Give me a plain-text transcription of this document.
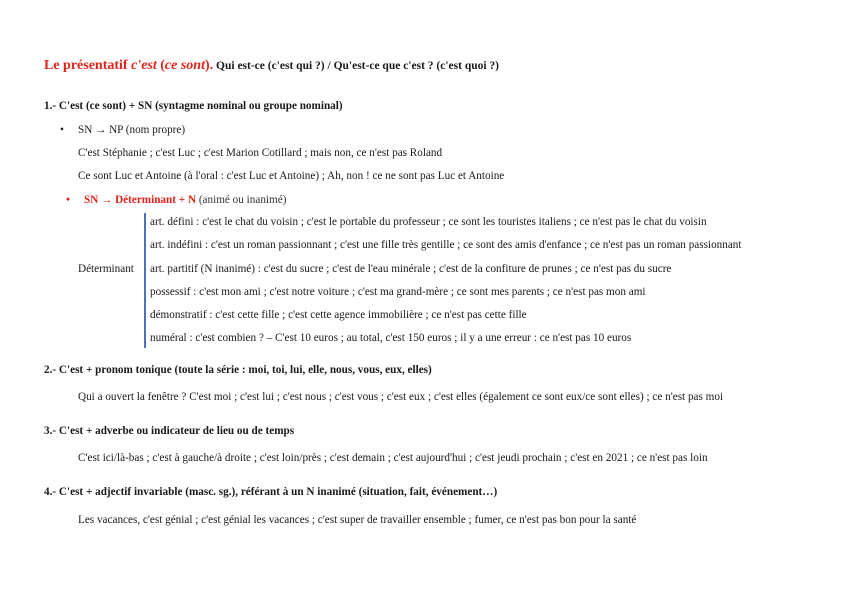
Le présentatif c'est (ce sont). Qui est-ce (c'est qui ?) / Qu'est-ce que c'est ? (c'est quoi ?)
1.- C'est (ce sont) + SN (syntagme nominal ou groupe nominal)
• SN → NP (nom propre)
C'est Stéphanie ; c'est Luc ; c'est Marion Cotillard ; mais non, ce n'est pas Roland
Ce sont Luc et Antoine (à l'oral : c'est Luc et Antoine) ; Ah, non ! ce ne sont pas Luc et Antoine
• SN → Déterminant + N (animé ou inanimé)
Déterminant
art. défini : c'est le chat du voisin ; c'est le portable du professeur ; ce sont les touristes italiens ; ce n'est pas le chat du voisin
art. indéfini : c'est un roman passionnant ; c'est une fille très gentille ; ce sont des amis d'enfance ; ce n'est pas un roman passionnant
art. partitif (N inanimé) : c'est du sucre ; c'est de l'eau minérale ; c'est de la confiture de prunes ; ce n'est pas du sucre
possessif : c'est mon ami ; c'est notre voiture ; c'est ma grand-mère ; ce sont mes parents ; ce n'est pas mon ami
démonstratif : c'est cette fille ; c'est cette agence immobilière ; ce n'est pas cette fille
numéral : c'est combien ? – C'est 10 euros ; au total, c'est 150 euros ; il y a une erreur : ce n'est pas 10 euros
2.- C'est + pronom tonique (toute la série : moi, toi, lui, elle, nous, vous, eux, elles)
Qui a ouvert la fenêtre ? C'est moi ; c'est lui ; c'est nous ; c'est vous ; c'est eux ; c'est elles (également ce sont eux/ce sont elles) ; ce n'est pas moi
3.- C'est + adverbe ou indicateur de lieu ou de temps
C'est ici/là-bas ; c'est à gauche/à droite ; c'est loin/près ; c'est demain ; c'est aujourd'hui ; c'est jeudi prochain ; c'est en 2021 ; ce n'est pas loin
4.- C'est + adjectif invariable (masc. sg.), référant à un N inanimé (situation, fait, événement…)
Les vacances, c'est génial ; c'est génial les vacances ; c'est super de travailler ensemble ; fumer, ce n'est pas bon pour la santé
